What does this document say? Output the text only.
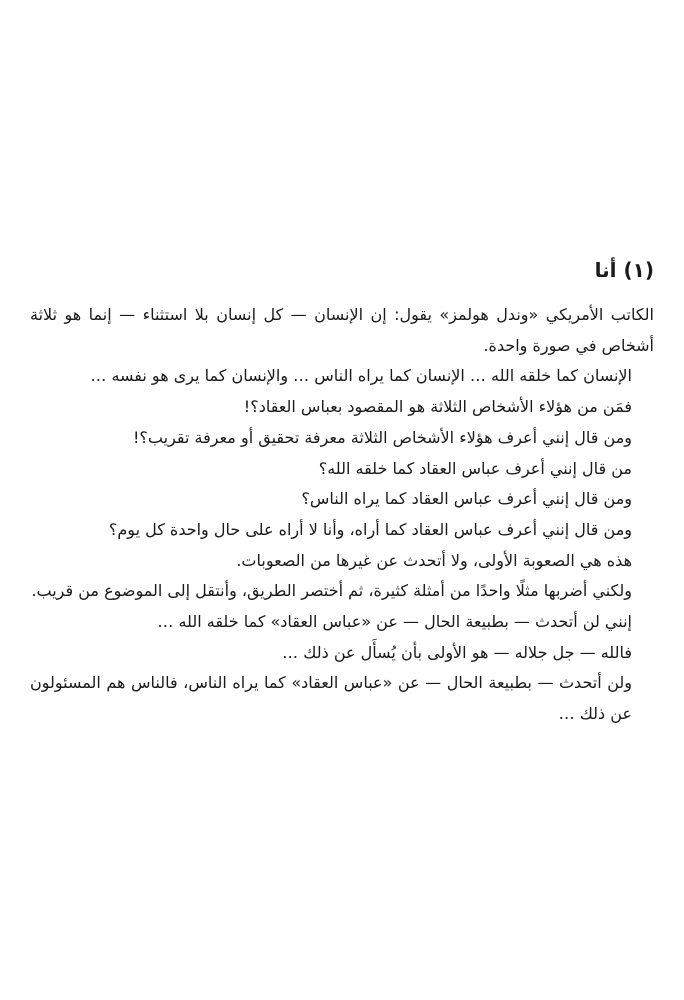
(١) أنا

الكاتب الأمريكي «وندل هولمز» يقول: إن الإنسان — كل إنسان بلا استثناء — إنما هو ثلاثة أشخاص في صورة واحدة.

الإنسان كما خلقه الله … الإنسان كما يراه الناس … والإنسان كما يرى هو نفسه …

فمَن من هؤلاء الأشخاص الثلاثة هو المقصود بعباس العقاد؟!

ومن قال إنني أعرف هؤلاء الأشخاص الثلاثة معرفة تحقيق أو معرفة تقريب؟!

من قال إنني أعرف عباس العقاد كما خلقه الله؟

ومن قال إنني أعرف عباس العقاد كما يراه الناس؟

ومن قال إنني أعرف عباس العقاد كما أراه، وأنا لا أراه على حال واحدة كل يوم؟

هذه هي الصعوبة الأولى، ولا أتحدث عن غيرها من الصعوبات.

ولكني أضربها مثلًا واحدًا من أمثلة كثيرة، ثم أختصر الطريق، وأنتقل إلى الموضوع من قريب.

إنني لن أتحدث — بطبيعة الحال — عن «عباس العقاد» كما خلقه الله …

فالله — جل جلاله — هو الأولى بأن يُسأَل عن ذلك …

ولن أتحدث — بطبيعة الحال — عن «عباس العقاد» كما يراه الناس، فالناس هم المسئولون عن ذلك …
